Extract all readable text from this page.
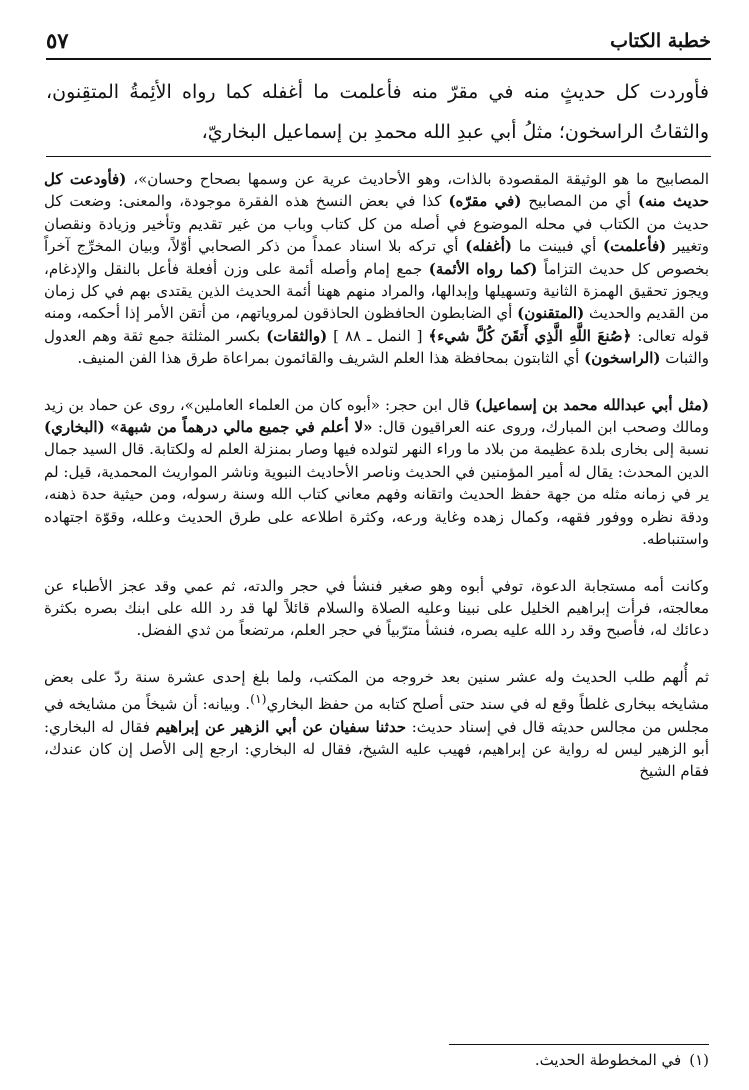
خطبة الكتاب
٥٧
فأوردت كل حديثٍ منه في مقرّ منه فأعلمت ما أغفله كما رواه الأئِمةُ المتقِنون، والثقاتُ الراسخون؛ مثلُ أبي عبدِ الله محمدِ بن إسماعيل البخاريّ،

المصابيح ما هو الوثيقة المقصودة بالذات، وهو الأحاديث عرية عن وسمها بصحاح وحسان»، (فأودعت كل حديث منه) أي من المصابيح (في مقرّه) كذا في بعض النسخ هذه الفقرة موجودة، والمعنى: وضعت كل حديث من الكتاب في محله الموضوع في أصله من كل كتاب وباب من غير تقديم وتأخير وزيادة ونقصان وتغيير (فأعلمت) أي فبينت ما (أغفله) أي تركه بلا اسناد عمداً من ذكر الصحابي أوّلاً، وبيان المخرِّج آخراً بخصوص كل حديث التزاماً (كما رواه الأئمة) جمع إمام وأصله أئمة على وزن أفعلة فأعل بالنقل والإدغام، ويجوز تحقيق الهمزة الثانية وتسهيلها وإبدالها، والمراد منهم ههنا أئمة الحديث الذين يقتدى بهم في كل زمان من القديم والحديث (المتقنون) أي الضابطون الحافظون الحاذقون لمروياتهم، من أتقن الأمر إذا أحكمه، ومنه قوله تعالى: ﴿صُنعَ اللَّهِ الَّذِي أَتقَنَ كُلَّ شيء﴾ [ النمل ـ ٨٨ ] (والثقات) بكسر المثلثة جمع ثقة وهم العدول والثبات (الراسخون) أي الثابتون بمحافظة هذا العلم الشريف والقائمون بمراعاة طرق هذا الفن المنيف.

(مثل أبي عبدالله محمد بن إسماعيل) قال ابن حجر: «أبوه كان من العلماء العاملين»، روى عن حماد بن زيد ومالك وصحب ابن المبارك، وروى عنه العراقيون قال: «لا أعلم في جميع مالي درهماً من شبهة» (البخاري) نسبة إلى بخارى بلدة عظيمة من بلاد ما وراء النهر لتولده فيها وصار بمنزلة العلم له ولكتابة. قال السيد جمال الدين المحدث: يقال له أمير المؤمنين في الحديث وناصر الأحاديث النبوية وناشر المواريث المحمدية، قيل: لم ير في زمانه مثله من جهة حفظ الحديث واتقانه وفهم معاني كتاب الله وسنة رسوله، ومن حيثية حدة ذهنه، ودقة نظره ووفور فقهه، وكمال زهده وغاية ورعه، وكثرة اطلاعه على طرق الحديث وعلله، وقوّة اجتهاده واستنباطه.

وكانت أمه مستجابة الدعوة، توفي أبوه وهو صغير فنشأ في حجر والدته، ثم عمي وقد عجز الأطباء عن معالجته، فرأت إبراهيم الخليل على نبينا وعليه الصلاة والسلام قائلاً لها قد رد الله على ابنك بصره بكثرة دعائك له، فأصبح وقد رد الله عليه بصره، فنشأ مترّبياً في حجر العلم، مرتضعاً من ثدي الفضل.

ثم أُلهم طلب الحديث وله عشر سنين بعد خروجه من المكتب، ولما بلغ إحدى عشرة سنة ردّ على بعض مشايخه ببخارى غلطاً وقع له في سند حتى أصلح كتابه من حفظ البخاري$^{(١)}$. وبيانه: أن شيخاً من مشايخه في مجلس من مجالس حديثه قال في إسناد حديث: حدثنا سفيان عن أبي الزهير عن إبراهيم فقال له البخاري: أبو الزهير ليس له رواية عن إبراهيم، فهيب عليه الشيخ، فقال له البخاري: ارجع إلى الأصل إن كان عندك، فقام الشيخ

(١)في المخطوطة الحديث.
